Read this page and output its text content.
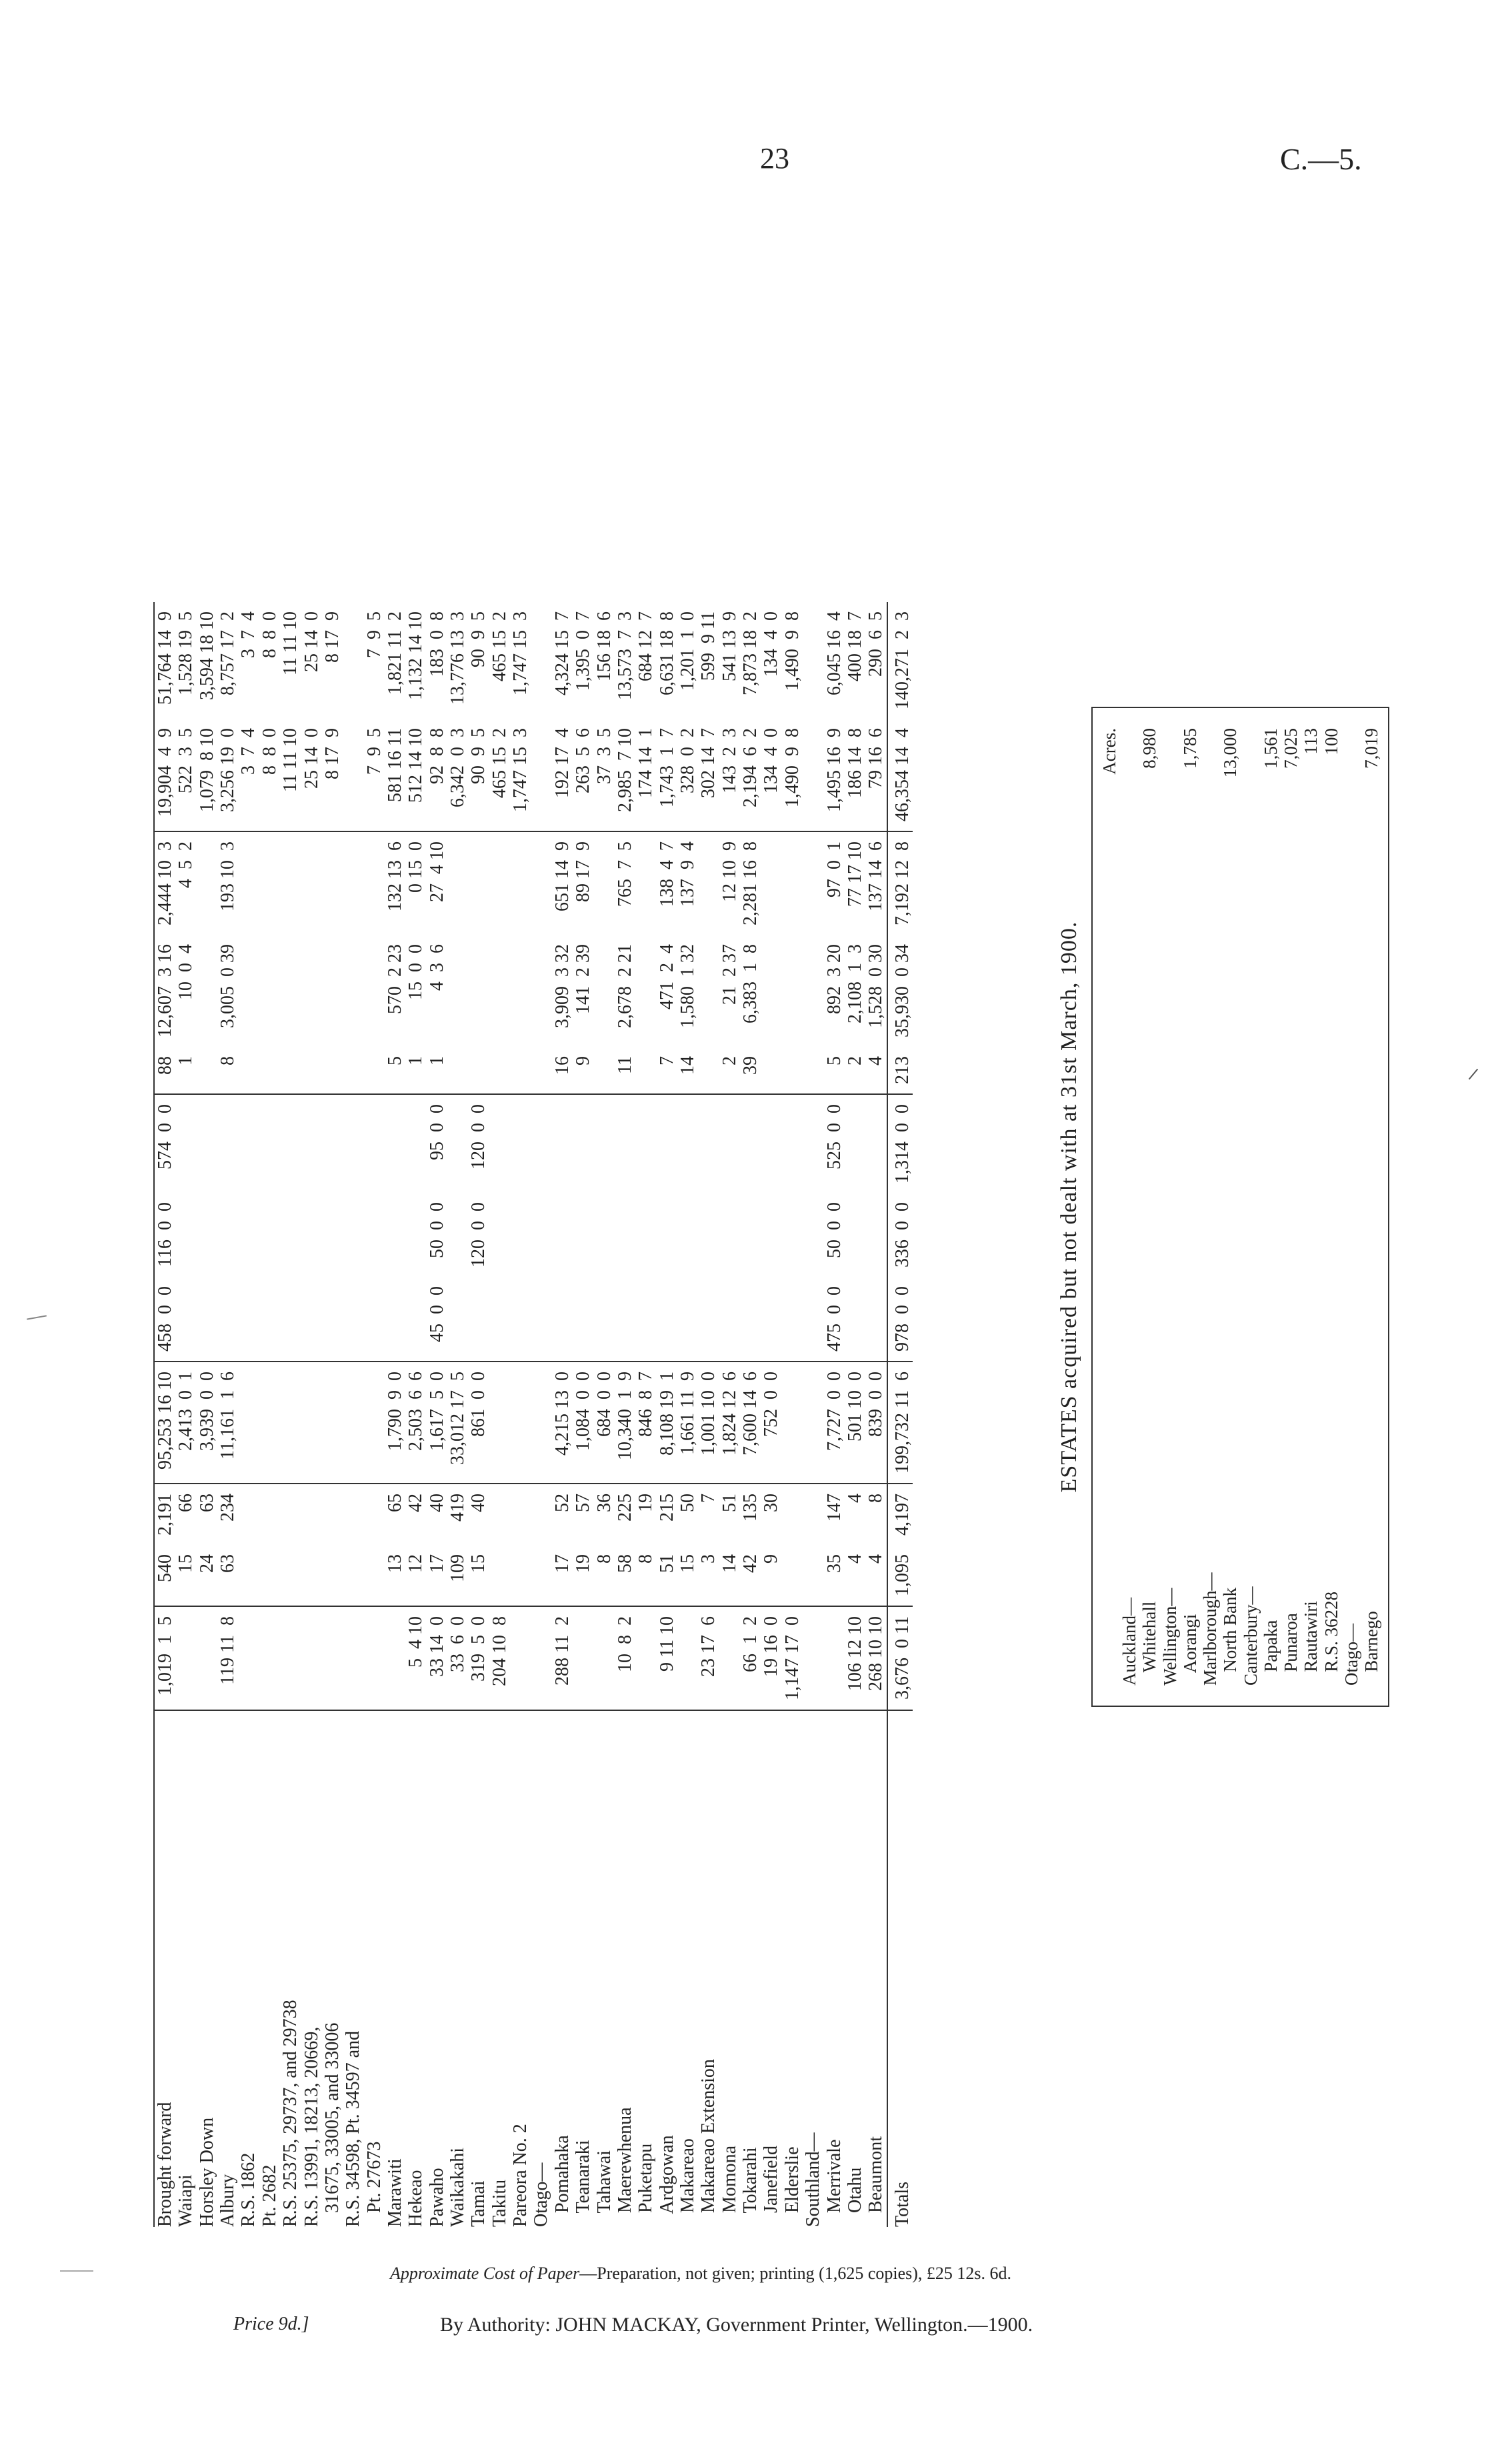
23	C.—5.
Brought forward	1,019  1  5	540	2,191	95,253 16 10	458  0  0	116  0  0	574  0  0	88	12,607  3 16	2,444 10  3	19,904  4  9	51,764 14  9
Waiapi		15	66	2,413  0  1				1	10  0  4	4  5  2	522  3  5	1,528 19  5
Horsley Down		24	63	3,939  0  0							1,079  8 10	3,594 18 10
Albury	119 11  8	63	234	11,161  1  6				8	3,005  0 39	193 10  3	3,256 19  0	8,757 17  2
R.S. 1862											3  7  4	3  7  4
Pt. 2682											8  8  0	8  8  0
R.S. 25375, 29737, and 29738											11 11 10	11 11 10
R.S. 13991, 18213, 20669,											25 14  0	25 14  0
31675, 33005, and 33006											8 17  9	8 17  9
R.S. 34598, Pt. 34597 and												
Pt. 27673											7  9  5	7  9  5
Marawiti		13	65	1,790  9  0				5	570  2 23	132 13  6	581 16 11	1,821 11  2
Hekeao	5  4 10	12	42	2,503  6  6				1	15  0  0	0 15  0	512 14 10	1,132 14 10
Pawaho	33 14  0	17	40	1,617  5  0	45  0  0	50  0  0	95  0  0	1	4  3  6	27  4 10	92  8  8	183  0  8
Waikakahi	33  6  0	109	419	33,012 17  5							6,342  0  3	13,776 13  3
Tamai	319  5  0	15	40	861  0  0		120  0  0	120  0  0				90  9  5	90  9  5
Takitu	204 10  8										465 15  2	465 15  2
Pareora No. 2											1,747 15  3	1,747 15  3
Otago—												
Pomahaka	288 11  2	17	52	4,215 13  0				16	3,909  3 32	651 14  9	192 17  4	4,324 15  7
Teanaraki		19	57	1,084  0  0				9	141  2 39	89 17  9	263  5  6	1,395  0  7
Tahawai		8	36	684  0  0							37  3  5	156 18  6
Maerewhenua	10  8  2	58	225	10,340  1  9				11	2,678  2 21	765  7  5	2,985  7 10	13,573  7  3
Puketapu		8	19	846  8  7							174 14  1	684 12  7
Ardgowan	9 11 10	51	215	8,108 19  1				7	471  2  4	138  4  7	1,743  1  7	6,631 18  8
Makareao		15	50	1,661 11  9				14	1,580  1 32	137  9  4	328  0  2	1,201  1  0
Makareao Extension	23 17  6	3	7	1,001 10  0							302 14  7	599  9 11
Momona		14	51	1,824 12  6				2	21  2 37	12 10  9	143  2  3	541 13  9
Tokarahi	66  1  2	42	135	7,600 14  6				39	6,383  1  8	2,281 16  8	2,194  6  2	7,873 18  2
Janefield	19 16  0	9	30	752  0  0							134  4  0	134  4  0
Elderslie	1,147 17  0										1,490  9  8	1,490  9  8
Southland—												
Merrivale		35	147	7,727  0  0	475  0  0	50  0  0	525  0  0	5	892  3 20	97  0  1	1,495 16  9	6,045 16  4
Otahu	106 12 10	4	4	501 10  0				2	2,108  1  3	77 17 10	186 14  8	400 18  7
Beaumont	268 10 10	4	8	839  0  0				4	1,528  0 30	137 14  6	79 16  6	290  6  5
Totals	3,676  0 11	1,095	4,197	199,732 11  6	978  0  0	336  0  0	1,314  0  0	213	35,930  0 34	7,192 12  8	46,354 14  4	140,271  2  3
ESTATES acquired but not dealt with at 31st March, 1900.
	Acres.
Auckland—	
Whitehall	8,980
Wellington—	
Aorangi	1,785
Marlborough—	
North Bank	13,000
Canterbury—	
Papaka	1,561
Punaroa	7,025
Rautawiri	113
R.S. 36228	100
Otago—	
Barnego	7,019
Approximate Cost of Paper—Preparation, not given; printing (1,625 copies), £25 12s. 6d.
Price 9d.]	By Authority: JOHN MACKAY, Government Printer, Wellington.—1900.
